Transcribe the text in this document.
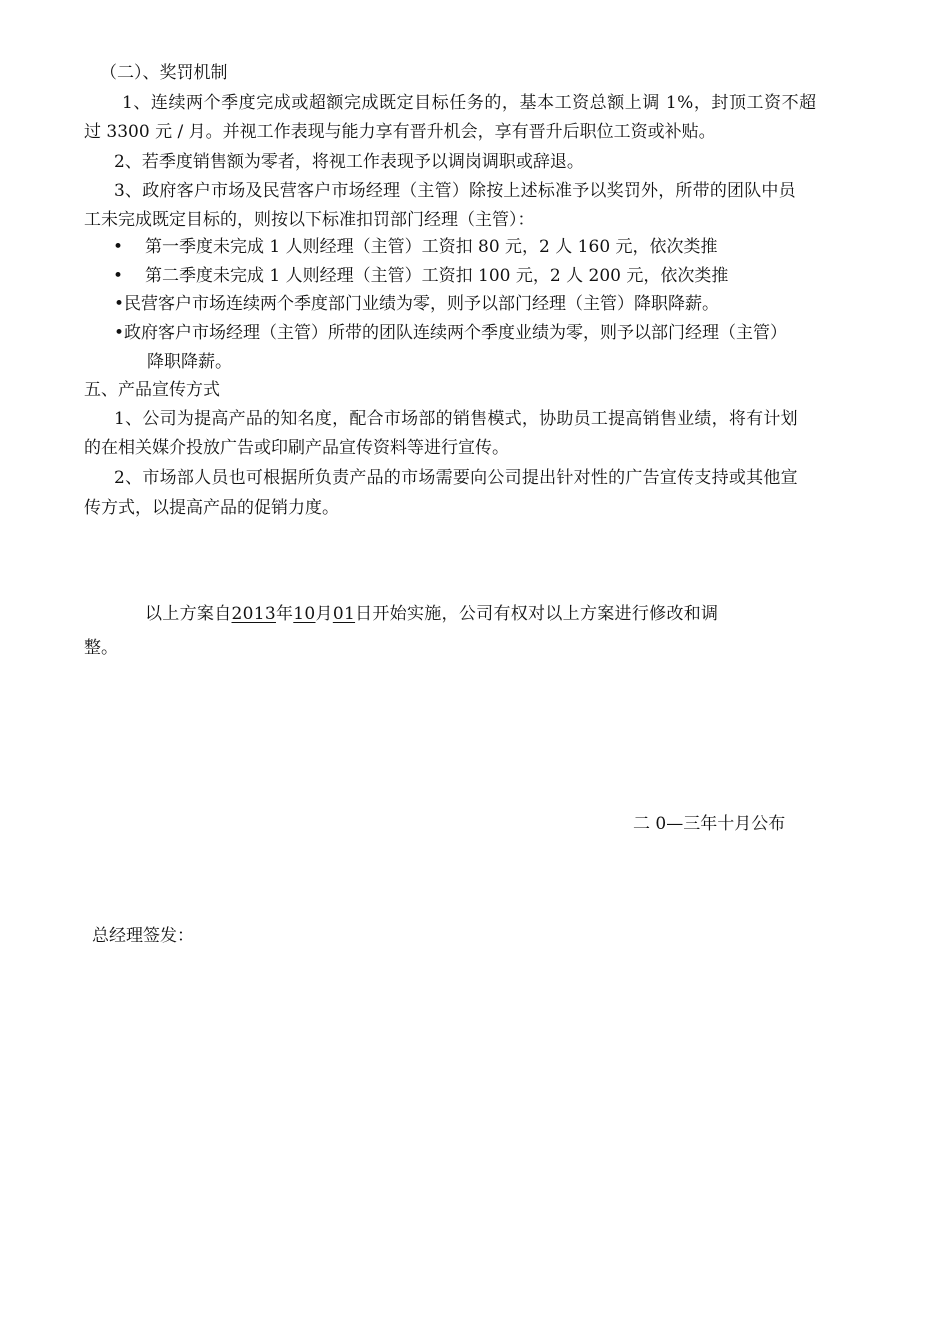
（二）、奖罚机制
1、连续两个季度完成或超额完成既定目标任务的，基本工资总额上调 1%，封顶工资不超
过 3300 元 / 月。并视工作表现与能力享有晋升机会，享有晋升后职位工资或补贴。
2、若季度销售额为零者，将视工作表现予以调岗调职或辞退。
3、政府客户市场及民营客户市场经理（主管）除按上述标准予以奖罚外，所带的团队中员
工未完成既定目标的，则按以下标准扣罚部门经理（主管）：
• 第一季度未完成 1 人则经理（主管）工资扣 80 元，2 人 160 元，依次类推
• 第二季度未完成 1 人则经理（主管）工资扣 100 元，2 人 200 元，依次类推
•民营客户市场连续两个季度部门业绩为零，则予以部门经理（主管）降职降薪。
•政府客户市场经理（主管）所带的团队连续两个季度业绩为零，则予以部门经理（主管）
降职降薪。
五、产品宣传方式
1、公司为提高产品的知名度，配合市场部的销售模式，协助员工提高销售业绩，将有计划
的在相关媒介投放广告或印刷产品宣传资料等进行宣传。
2、市场部人员也可根据所负责产品的市场需要向公司提出针对性的广告宣传支持或其他宣
传方式，以提高产品的促销力度。
以上方案自2013年10月01日开始实施，公司有权对以上方案进行修改和调
整。
二 0—三年十月公布
总经理签发：
